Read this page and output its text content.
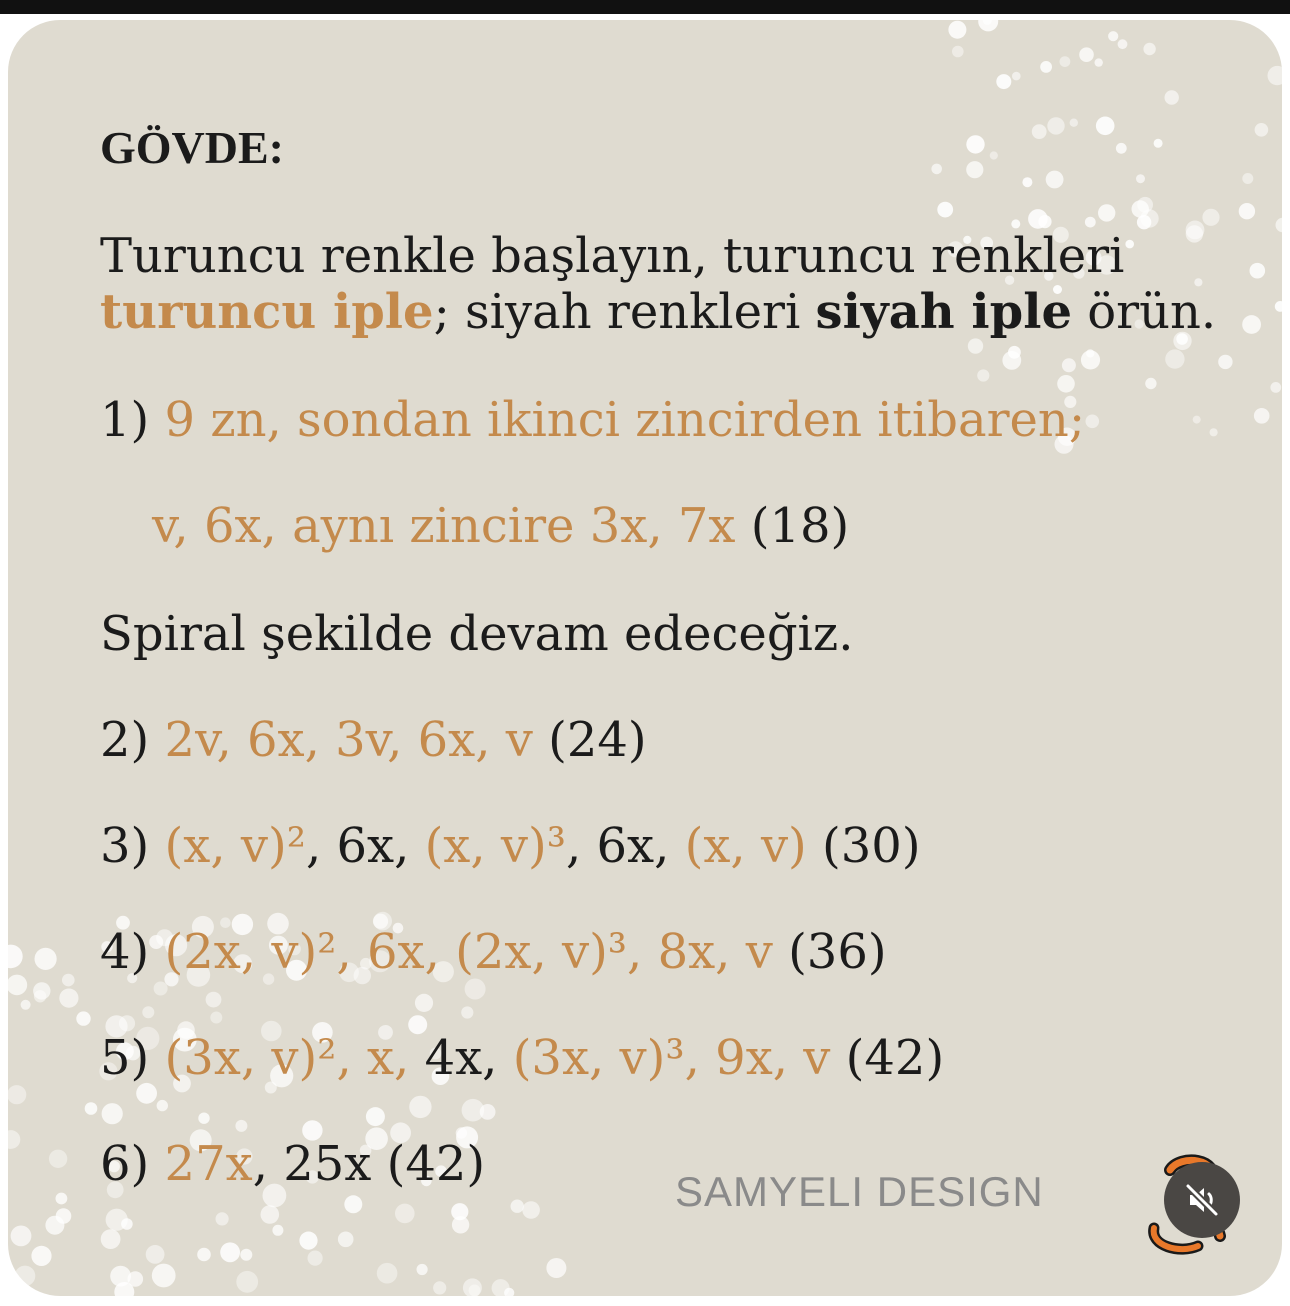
GÖVDE:
Turuncu renkle başlayın, turuncu renkleri
turuncu iple; siyah renkleri siyah iple örün.
1) 9 zn, sondan ikinci zincirden itibaren;
v, 6x, aynı zincire 3x, 7x (18)
Spiral şekilde devam edeceğiz.
2) 2v, 6x, 3v, 6x, v (24)
3) (x, v)², 6x, (x, v)³, 6x, (x, v) (30)
4) (2x, v)², 6x, (2x, v)³, 8x, v (36)
5) (3x, v)², x, 4x, (3x, v)³, 9x, v (42)
6) 27x, 25x (42)	SAMYELI DESIGN
